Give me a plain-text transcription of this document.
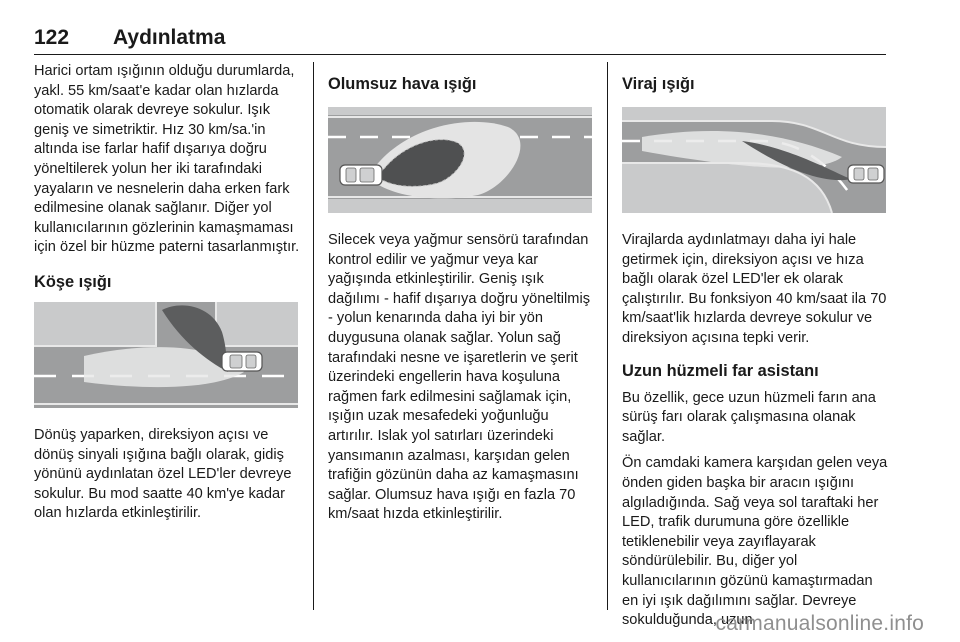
122 Aydınlatma

Harici ortam ışığının olduğu durumlarda, yakl. 55 km/saat'e kadar olan hızlarda otomatik olarak devreye sokulur. Işık geniş ve simetriktir. Hız 30 km/sa.'in altında ise farlar hafif dışarıya doğru yöneltilerek yolun her iki tarafındaki yayaların ve nesnelerin daha erken fark edilmesine olanak sağlanır. Diğer yol kullanıcılarının gözlerinin kamaşmaması için özel bir hüzme paterni tasarlanmıştır.

Köşe ışığı

Dönüş yaparken, direksiyon açısı ve dönüş sinyali ışığına bağlı olarak, gidiş yönünü aydınlatan özel LED'ler devreye sokulur. Bu mod saatte 40 km'ye kadar olan hızlarda etkinleştirilir.

Olumsuz hava ışığı

Silecek veya yağmur sensörü tarafından kontrol edilir ve yağmur veya kar yağışında etkinleştirilir. Geniş ışık dağılımı - hafif dışarıya doğru yöneltilmiş - yolun kenarında daha iyi bir yön duygusuna olanak sağlar. Yolun sağ tarafındaki nesne ve işaretlerin ve şerit üzerindeki engellerin hava koşuluna rağmen fark edilmesini sağlamak için, ışığın uzak mesafedeki yoğunluğu artırılır. Islak yol satırları üzerindeki yansımanın azalması, karşıdan gelen trafiğin gözünün daha az kamaşmasını sağlar. Olumsuz hava ışığı en fazla 70 km/saat hızda etkinleştirilir.

Viraj ışığı

Virajlarda aydınlatmayı daha iyi hale getirmek için, direksiyon açısı ve hıza bağlı olarak özel LED'ler ek olarak çalıştırılır. Bu fonksiyon 40 km/saat ila 70 km/saat'lik hızlarda devreye sokulur ve direksiyon açısına tepki verir.

Uzun hüzmeli far asistanı

Bu özellik, gece uzun hüzmeli farın ana sürüş farı olarak çalışmasına olanak sağlar.

Ön camdaki kamera karşıdan gelen veya önden giden başka bir aracın ışığını algıladığında. Sağ veya sol taraftaki her LED, trafik durumuna göre özellikle tetiklenebilir veya zayıflayarak söndürülebilir. Bu, diğer yol kullanıcılarının gözünü kamaştırmadan en iyi ışık dağılımını sağlar. Devreye sokulduğunda, uzun

carmanualsonline.info
